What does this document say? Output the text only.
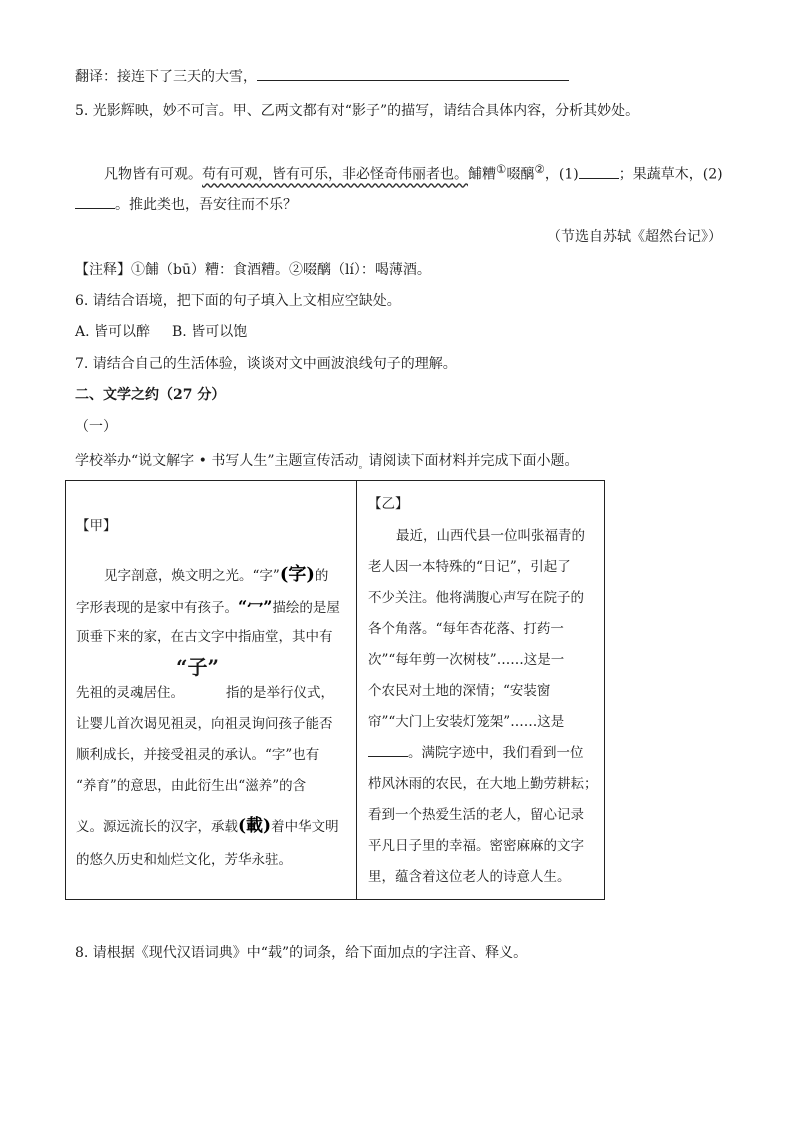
翻译：接连下了三天的大雪，
5. 光影辉映，妙不可言。甲、乙两文都有对“影子”的描写，请结合具体内容，分析其妙处。
凡物皆有可观。苟有可观，皆有可乐，非必怪奇伟丽者也。餔糟①啜醨②，(1)	；果蔬草木，(2)
。推此类也，吾安往而不乐？
（节选自苏轼《超然台记》）
【注释】①餔（bū）糟：食酒糟。②啜醨（lí）：喝薄酒。
6. 请结合语境，把下面的句子填入上文相应空缺处。
A. 皆可以醉 B. 皆可以饱
7. 请结合自己的生活体验，谈谈对文中画波浪线句子的理解。
二、文学之约（27 分）
（一）
学校举办“说文解字 • 书写人生”主题宣传活动$_。$请阅读下面材料并完成下面小题。
【甲】
见字剖意，焕文明之光。“字”(字)的
字形表现的是家中有孩子。“冖”描绘的是屋
顶垂下来的家，在古文字中指庙堂，其中有
“子”
先祖的灵魂居住。	指的是举行仪式，
让婴儿首次谒见祖灵，向祖灵询问孩子能否
顺利成长，并接受祖灵的承认。“字”也有
“养育”的意思，由此衍生出“滋养”的含
义。源远流长的汉字，承载(載)着中华文明
的悠久历史和灿烂文化，芳华永驻。
【乙】
最近，山西代县一位叫张福青的
老人因一本特殊的“日记”，引起了
不少关注。他将满腹心声写在院子的
各个角落。“每年杏花落、打药一
次”“每年剪一次树枝”……这是一
个农民对土地的深情；“安装窗
帘”“大门上安装灯笼架”……这是
。满院字迹中，我们看到一位
栉风沐雨的农民，在大地上勤劳耕耘；
看到一个热爱生活的老人，留心记录
平凡日子里的幸福。密密麻麻的文字
里，蕴含着这位老人的诗意人生。
8. 请根据《现代汉语词典》中“载”的词条，给下面加点的字注音、释义。
